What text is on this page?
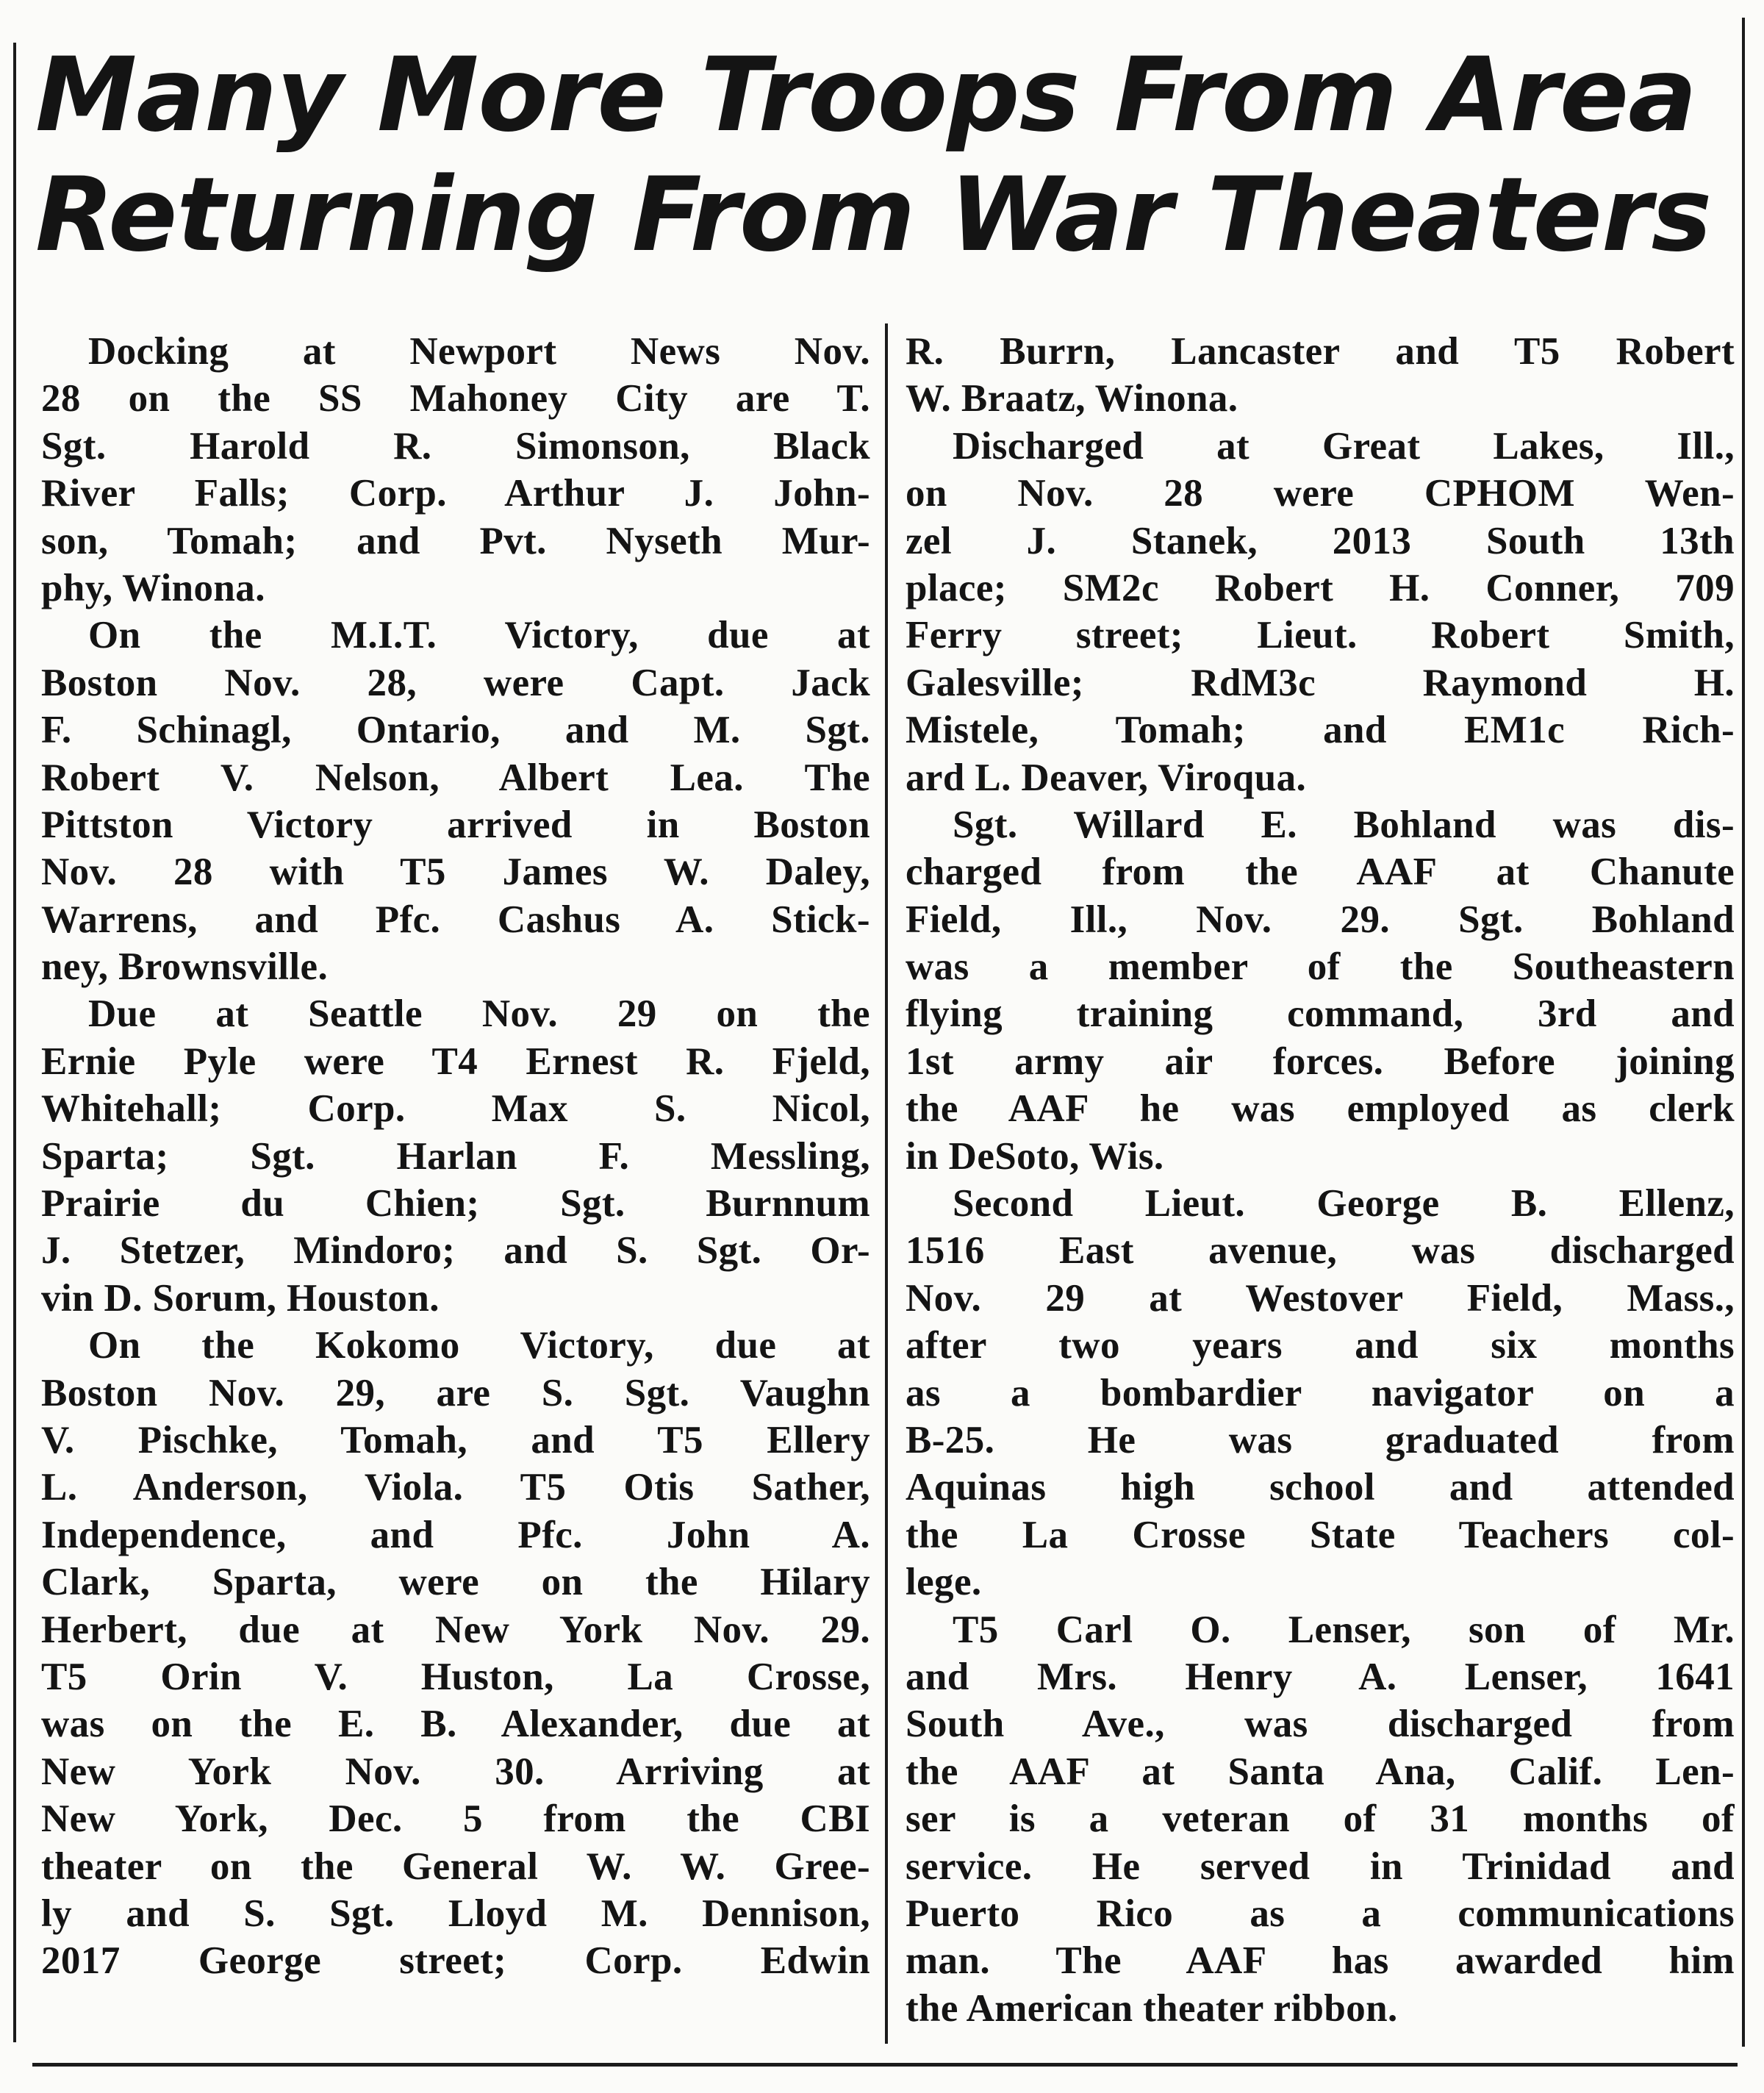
Many More Troops From Area
Returning From War Theaters
Docking at Newport News Nov.
28 on the SS Mahoney City are T.
Sgt. Harold R. Simonson, Black
River Falls; Corp. Arthur J. John-
son, Tomah; and Pvt. Nyseth Mur-
phy, Winona.
On the M.I.T. Victory, due at
Boston Nov. 28, were Capt. Jack
F. Schinagl, Ontario, and M. Sgt.
Robert V. Nelson, Albert Lea. The
Pittston Victory arrived in Boston
Nov. 28 with T5 James W. Daley,
Warrens, and Pfc. Cashus A. Stick-
ney, Brownsville.
Due at Seattle Nov. 29 on the
Ernie Pyle were T4 Ernest R. Fjeld,
Whitehall; Corp. Max S. Nicol,
Sparta; Sgt. Harlan F. Messling,
Prairie du Chien; Sgt. Burnnum
J. Stetzer, Mindoro; and S. Sgt. Or-
vin D. Sorum, Houston.
On the Kokomo Victory, due at
Boston Nov. 29, are S. Sgt. Vaughn
V. Pischke, Tomah, and T5 Ellery
L. Anderson, Viola. T5 Otis Sather,
Independence, and Pfc. John A.
Clark, Sparta, were on the Hilary
Herbert, due at New York Nov. 29.
T5 Orin V. Huston, La Crosse,
was on the E. B. Alexander, due at
New York Nov. 30. Arriving at
New York, Dec. 5 from the CBI
theater on the General W. W. Gree-
ly and S. Sgt. Lloyd M. Dennison,
2017 George street; Corp. Edwin
R. Burrn, Lancaster and T5 Robert
W. Braatz, Winona.
Discharged at Great Lakes, Ill.,
on Nov. 28 were CPHOM Wen-
zel J. Stanek, 2013 South 13th
place; SM2c Robert H. Conner, 709
Ferry street; Lieut. Robert Smith,
Galesville; RdM3c Raymond H.
Mistele, Tomah; and EM1c Rich-
ard L. Deaver, Viroqua.
Sgt. Willard E. Bohland was dis-
charged from the AAF at Chanute
Field, Ill., Nov. 29. Sgt. Bohland
was a member of the Southeastern
flying training command, 3rd and
1st army air forces. Before joining
the AAF he was employed as clerk
in DeSoto, Wis.
Second Lieut. George B. Ellenz,
1516 East avenue, was discharged
Nov. 29 at Westover Field, Mass.,
after two years and six months
as a bombardier navigator on a
B-25. He was graduated from
Aquinas high school and attended
the La Crosse State Teachers col-
lege.
T5 Carl O. Lenser, son of Mr.
and Mrs. Henry A. Lenser, 1641
South Ave., was discharged from
the AAF at Santa Ana, Calif. Len-
ser is a veteran of 31 months of
service. He served in Trinidad and
Puerto Rico as a communications
man. The AAF has awarded him
the American theater ribbon.
